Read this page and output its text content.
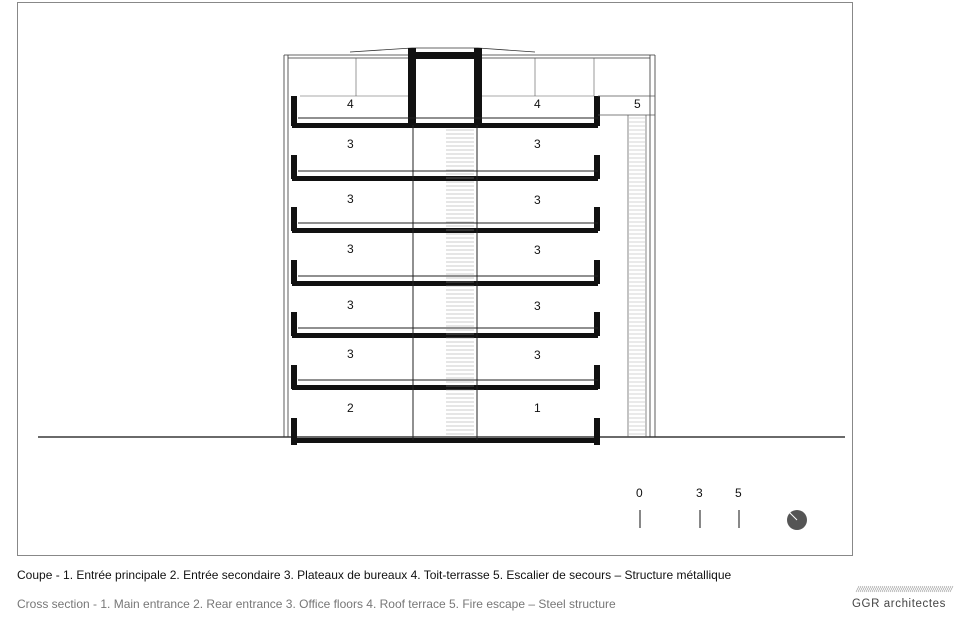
4	4	5
3	3
3	3
3	3
3	3
3	3
2	1
0	3	5
Coupe - 1. Entrée principale 2. Entrée secondaire 3. Plateaux de bureaux 4. Toit-terrasse 5. Escalier de secours – Structure métallique
Cross section - 1. Main entrance 2. Rear entrance 3. Office floors 4. Roof terrace 5. Fire escape – Steel structure	GGR architectes
